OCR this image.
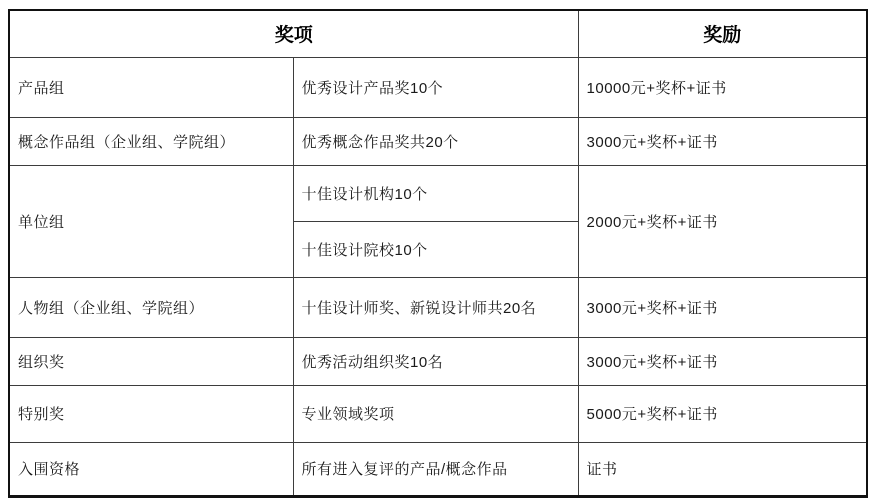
奖项		奖励
产品组	优秀设计产品奖10个	10000元+奖杯+证书
概念作品组（企业组、学院组）	优秀概念作品奖共20个	3000元+奖杯+证书
单位组	十佳设计机构10个	2000元+奖杯+证书
	十佳设计院校10个	
人物组（企业组、学院组）	十佳设计师奖、新锐设计师共20名	3000元+奖杯+证书
组织奖	优秀活动组织奖10名	3000元+奖杯+证书
特别奖	专业领域奖项	5000元+奖杯+证书
入围资格	所有进入复评的产品/概念作品	证书
